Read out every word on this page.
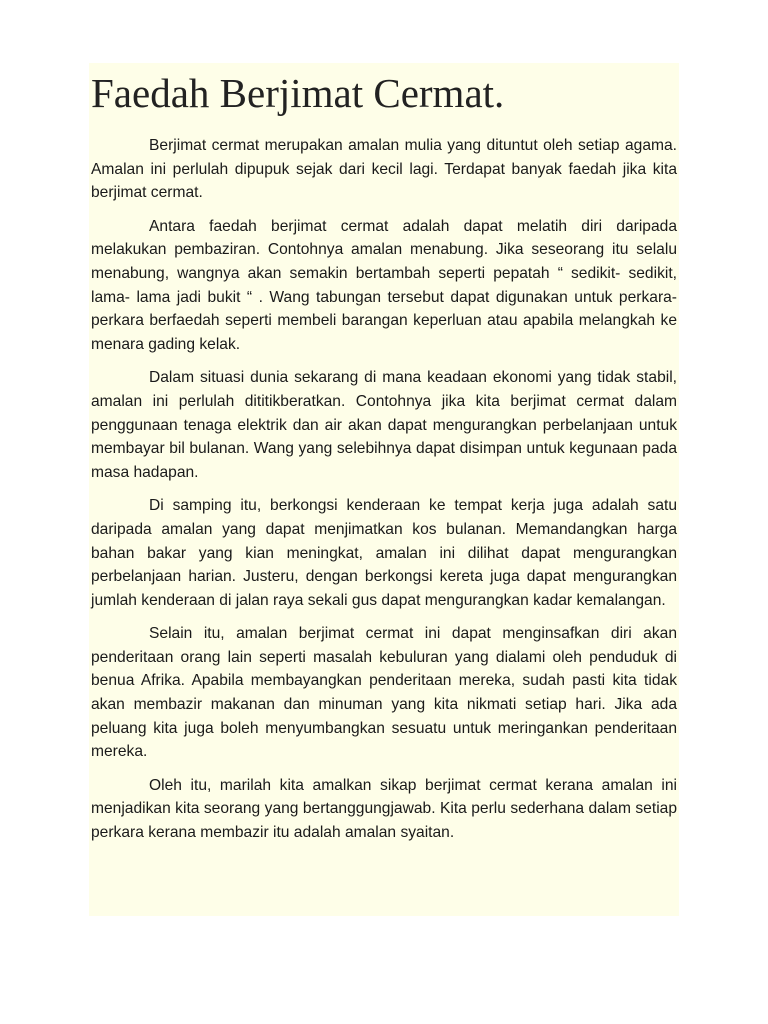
Faedah Berjimat Cermat.

Berjimat cermat merupakan amalan mulia yang dituntut oleh setiap agama. Amalan ini perlulah dipupuk sejak dari kecil lagi. Terdapat banyak faedah jika kita berjimat cermat.

Antara faedah berjimat cermat adalah dapat melatih diri daripada melakukan pembaziran. Contohnya amalan menabung. Jika seseorang itu selalu menabung, wangnya akan semakin bertambah seperti pepatah “ sedikit- sedikit, lama- lama jadi bukit “ . Wang tabungan tersebut dapat digunakan untuk perkara- perkara berfaedah seperti membeli barangan keperluan atau apabila melangkah ke menara gading kelak.

Dalam situasi dunia sekarang di mana keadaan ekonomi yang tidak stabil, amalan ini perlulah dititikberatkan. Contohnya jika kita berjimat cermat dalam penggunaan tenaga elektrik dan air akan dapat mengurangkan perbelanjaan untuk membayar bil bulanan. Wang yang selebihnya dapat disimpan untuk kegunaan pada masa hadapan.

Di samping itu, berkongsi kenderaan ke tempat kerja juga adalah satu daripada amalan yang dapat menjimatkan kos bulanan. Memandangkan harga bahan bakar yang kian meningkat, amalan ini dilihat dapat mengurangkan perbelanjaan harian. Justeru, dengan berkongsi kereta juga dapat mengurangkan jumlah kenderaan di jalan raya sekali gus dapat mengurangkan kadar kemalangan.

Selain itu, amalan berjimat cermat ini dapat menginsafkan diri akan penderitaan orang lain seperti masalah kebuluran yang dialami oleh penduduk di benua Afrika. Apabila membayangkan penderitaan mereka, sudah pasti kita tidak akan membazir makanan dan minuman yang kita nikmati setiap hari. Jika ada peluang kita juga boleh menyumbangkan sesuatu untuk meringankan penderitaan mereka.

Oleh itu, marilah kita amalkan sikap berjimat cermat kerana amalan ini menjadikan kita seorang yang bertanggungjawab. Kita perlu sederhana dalam setiap perkara kerana membazir itu adalah amalan syaitan.
